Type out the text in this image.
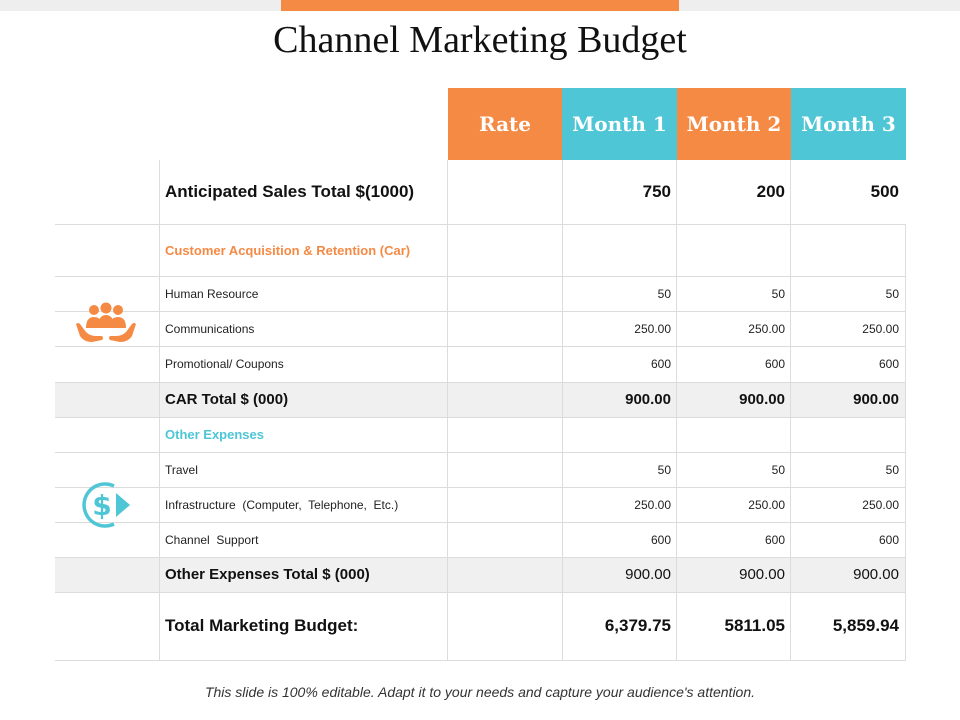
Channel Marketing Budget
Rate	Month 1 Month 2 Month 3
Anticipated Sales Total $(1000)	750	200	500
Customer Acquisition & Retention (Car)
Human Resource	50	50	50
Communications	250.00	250.00	250.00
Promotional/ Coupons	600	600	600
CAR Total $ (000)	900.00	900.00	900.00
Other Expenses
Travel	50	50	50
Infrastructure  (Computer,  Telephone,  Etc.)	250.00	250.00	250.00
Channel  Support	600	600	600
Other Expenses Total $ (000)	900.00	900.00	900.00
Total Marketing Budget:	6,379.75	5811.05	5,859.94
$
This slide is 100% editable. Adapt it to your needs and capture your audience's attention.
